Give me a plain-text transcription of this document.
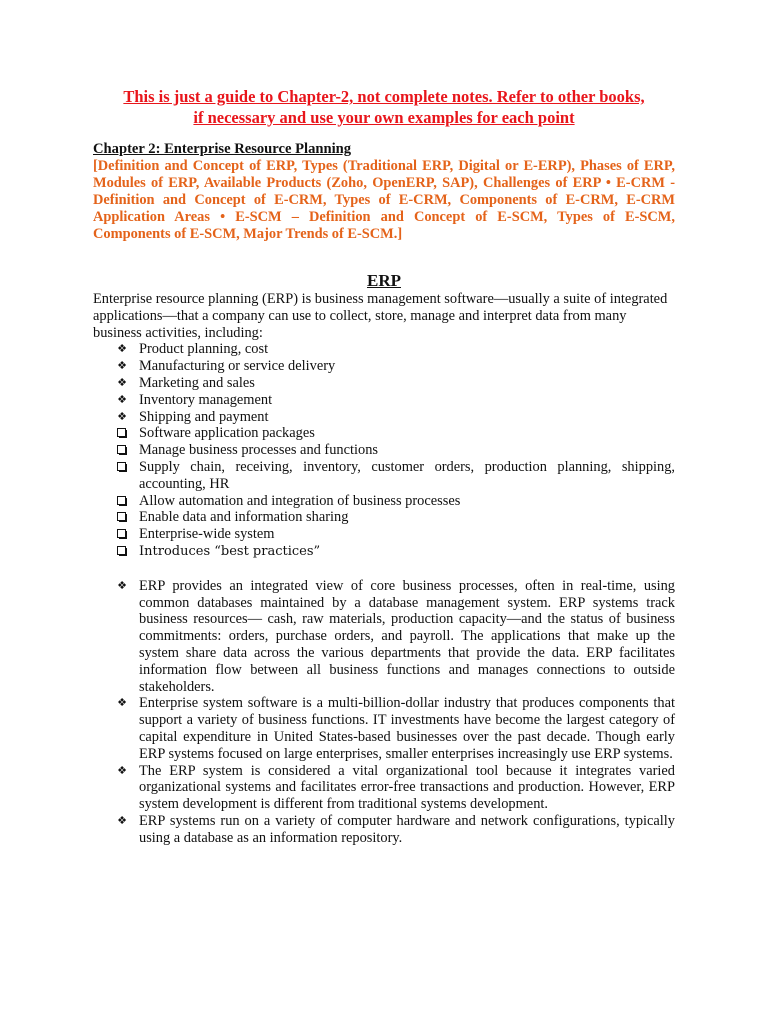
This is just a guide to Chapter-2, not complete notes. Refer to other books,
if necessary and use your own examples for each point

Chapter 2: Enterprise Resource Planning

[Definition and Concept of ERP, Types (Traditional ERP, Digital or E-ERP), Phases of ERP, Modules of ERP, Available Products (Zoho, OpenERP, SAP), Challenges of ERP • E-CRM - Definition and Concept of E-CRM, Types of E-CRM, Components of E-CRM, E-CRM Application Areas • E-SCM – Definition and Concept of E-SCM, Types of E-SCM, Components of E-SCM, Major Trends of E-SCM.]

ERP

Enterprise resource planning (ERP) is business management software—usually a suite of integrated applications—that a company can use to collect, store, manage and interpret data from many business activities, including:

❖ Product planning, cost
❖ Manufacturing or service delivery
❖ Marketing and sales
❖ Inventory management
❖ Shipping and payment
Software application packages
Manage business processes and functions
Supply chain, receiving, inventory, customer orders, production planning, shipping, accounting, HR
Allow automation and integration of business processes
Enable data and information sharing
Enterprise-wide system
Introduces “best practices”
❖ ERP provides an integrated view of core business processes, often in real-time, using common databases maintained by a database management system. ERP systems track business resources— cash, raw materials, production capacity—and the status of business commitments: orders, purchase orders, and payroll. The applications that make up the system share data across the various departments that provide the data. ERP facilitates information flow between all business functions and manages connections to outside stakeholders.
❖ Enterprise system software is a multi-billion-dollar industry that produces components that support a variety of business functions. IT investments have become the largest category of capital expenditure in United States-based businesses over the past decade. Though early ERP systems focused on large enterprises, smaller enterprises increasingly use ERP systems.
❖ The ERP system is considered a vital organizational tool because it integrates varied organizational systems and facilitates error-free transactions and production. However, ERP system development is different from traditional systems development.
❖ ERP systems run on a variety of computer hardware and network configurations, typically using a database as an information repository.
